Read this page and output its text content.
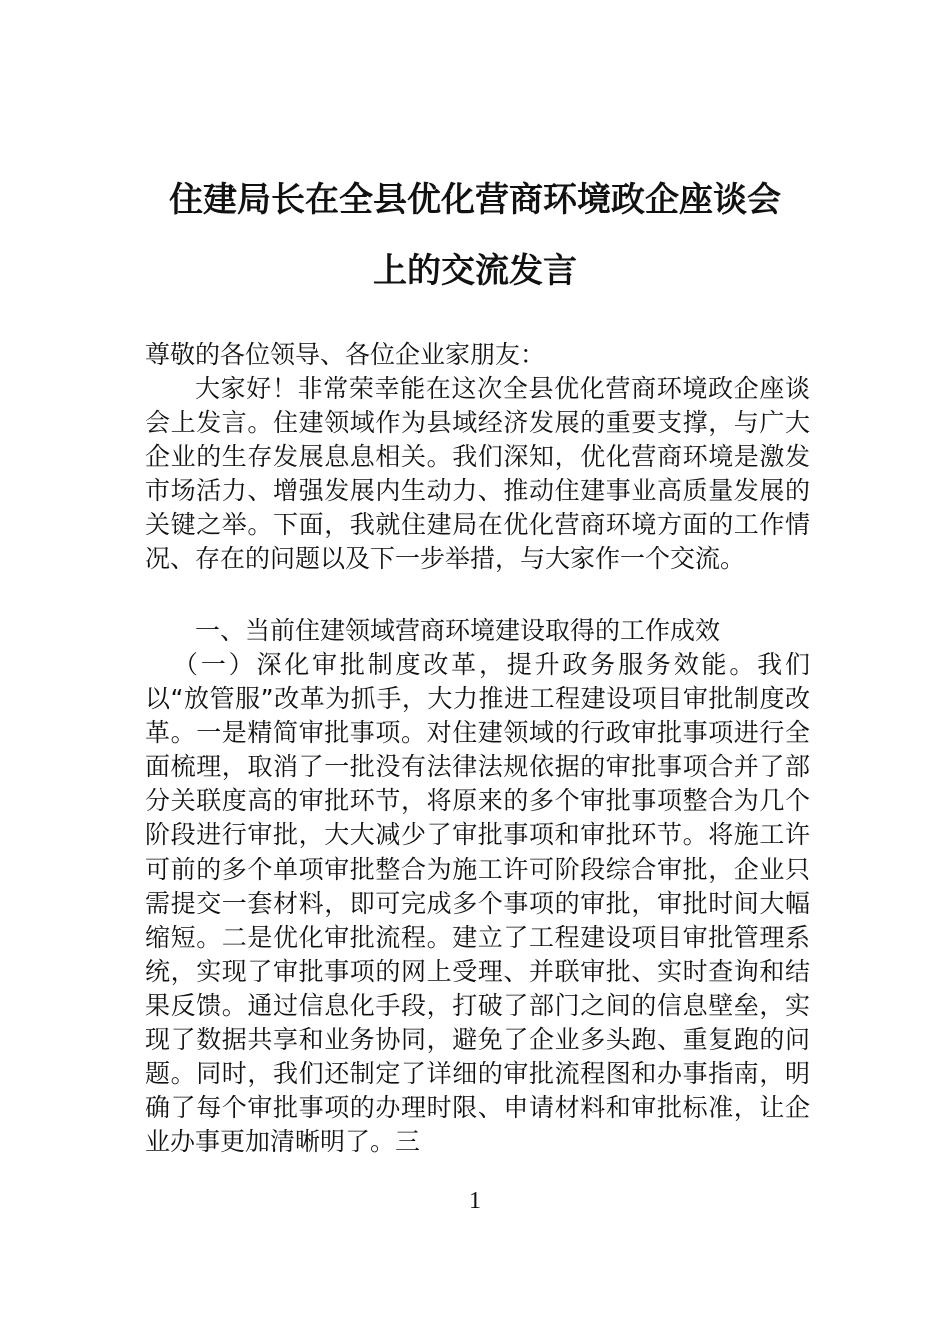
住建局长在全县优化营商环境政企座谈会
上的交流发言
尊敬的各位领导、各位企业家朋友：
大家好！非常荣幸能在这次全县优化营商环境政企座谈会上发言。住建领域作为县域经济发展的重要支撑，与广大企业的生存发展息息相关。我们深知，优化营商环境是激发市场活力、增强发展内生动力、推动住建事业高质量发展的关键之举。下面，我就住建局在优化营商环境方面的工作情况、存在的问题以及下一步举措，与大家作一个交流。
一、当前住建领域营商环境建设取得的工作成效
（一）深化审批制度改革，提升政务服务效能。我们以“放管服”改革为抓手，大力推进工程建设项目审批制度改革。一是精简审批事项。对住建领域的行政审批事项进行全面梳理，取消了一批没有法律法规依据的审批事项合并了部分关联度高的审批环节，将原来的多个审批事项整合为几个阶段进行审批，大大减少了审批事项和审批环节。将施工许可前的多个单项审批整合为施工许可阶段综合审批，企业只需提交一套材料，即可完成多个事项的审批，审批时间大幅缩短。二是优化审批流程。建立了工程建设项目审批管理系统，实现了审批事项的网上受理、并联审批、实时查询和结果反馈。通过信息化手段，打破了部门之间的信息壁垒，实现了数据共享和业务协同，避免了企业多头跑、重复跑的问题。同时，我们还制定了详细的审批流程图和办事指南，明确了每个审批事项的办理时限、申请材料和审批标准，让企业办事更加清晰明了。三
1
